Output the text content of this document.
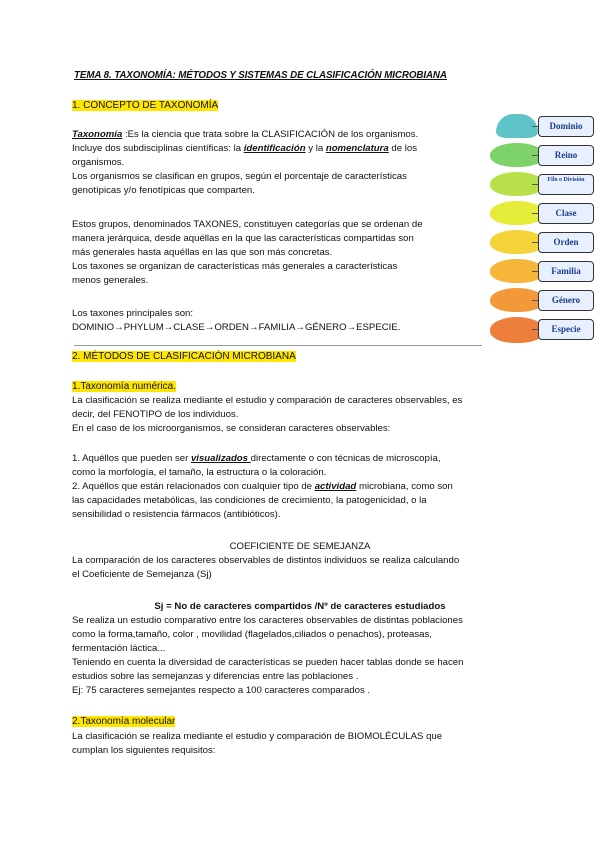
TEMA 8. TAXONOMÍA: MÉTODOS Y SISTEMAS DE CLASIFICACIÓN MICROBIANA
1. CONCEPTO DE TAXONOMÍA
Taxonomía :Es la ciencia que trata sobre la CLASIFICACIÓN de los organismos.
Incluye dos subdisciplinas científicas: la identificación y la nomenclatura de los
organismos.
Los organismos se clasifican en grupos, según el porcentaje de características
genotípicas y/o fenotípicas que comparten.
Estos grupos, denominados TAXONES, constituyen categorías que se ordenan de
manera jerárquica, desde aquéllas en la que las características compartidas son
más generales hasta aquéllas en las que son más concretas.
Los taxones se organizan de características más generales a características
menos generales.
Los taxones principales son:
DOMINIO→PHYLUM→CLASE→ORDEN→FAMILIA→GÉNERO→ESPECIE.
Dominio
Reino
Filo o División
Clase
Orden
Familia
Género
Especie
2. MÉTODOS DE CLASIFICACIÓN MICROBIANA
1.Taxonomía numérica.
La clasificación se realiza mediante el estudio y comparación de caracteres observables, es
decir, del FENOTIPO de los individuos.
En el caso de los microorganismos, se consideran caracteres observables:
1. Aquéllos que pueden ser visualizados directamente o con técnicas de microscopía,
como la morfología, el tamaño, la estructura o la coloración.
2. Aquéllos que están relacionados con cualquier tipo de actividad microbiana, como son
las capacidades metabólicas, las condiciones de crecimiento, la patogenicidad, o la
sensibilidad o resistencia fármacos (antibióticos).
COEFICIENTE DE SEMEJANZA
La comparación de los caracteres observables de distintos individuos se realiza calculando
el Coeficiente de Semejanza (Sj)
Sj = No de caracteres compartidos /Nº de caracteres estudiados
Se realiza un estudio comparativo entre los caracteres observables de distintas poblaciones
como la forma,tamaño, color , movilidad (flagelados,ciliados o penachos), proteasas,
fermentación láctica...
Teniendo en cuenta la diversidad de características se pueden hacer tablas donde se hacen
estudios sobre las semejanzas y diferencias entre las poblaciones .
Ej: 75 caracteres semejantes respecto a 100 caracteres comparados .
2.Taxonomía molecular
La clasificación se realiza mediante el estudio y comparación de BIOMOLÉCULAS que
cumplan los siguientes requisitos:
